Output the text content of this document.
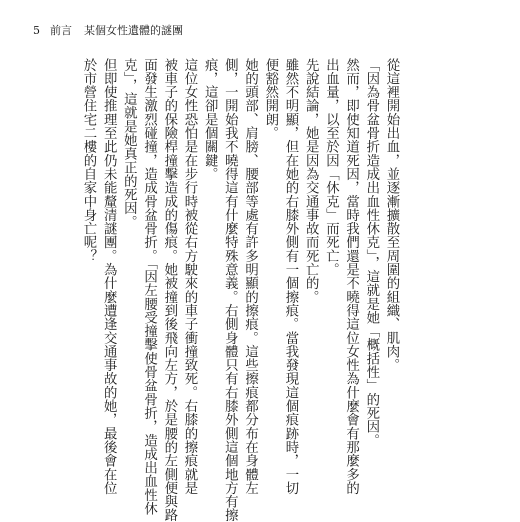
5 前言 某個女性遺體的謎團

從這裡開始出血，並逐漸擴散至周圍的組織、肌肉。

「因為骨盆骨折造成出血性休克」，這就是她「概括性」的死因。

然而，即使知道死因，當時我們還是不曉得這位女性為什麼會有那麼多的

出血量，以至於因「休克」而死亡。

先說結論，她是因為交通事故而死亡的。

雖然不明顯，但在她的右膝外側有一個擦痕。當我發現這個痕跡時，一切

便豁然開朗。

她的頭部、肩膀、腰部等處有許多明顯的擦痕。這些擦痕都分布在身體左

側，一開始我不曉得這有什麼特殊意義。右側身體只有右膝外側這個地方有擦

痕，這卻是個關鍵。

這位女性恐怕是在步行時被從右方駛來的車子衝撞致死。右膝的擦痕就是

被車子的保險桿撞擊造成的傷痕。她被撞到後飛向左方，於是腰的左側便與路

面發生激烈碰撞，造成骨盆骨折。「因左腰受撞擊使骨盆骨折，造成出血性休

克」，這就是她真正的死因。

但即使推理至此仍未能釐清謎團。為什麼遭逢交通事故的她，最後會在位

於市營住宅二樓的自家中身亡呢？
